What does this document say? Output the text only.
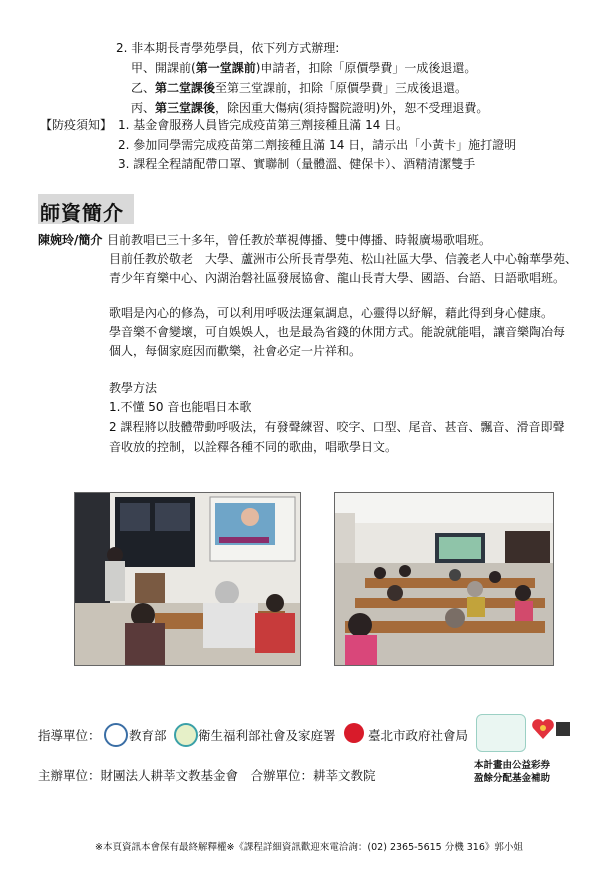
2. 非本期長青學苑學員，依下列方式辦理:
甲、開課前(第一堂課前)申請者，扣除「原價學費」一成後退還。
乙、第二堂課後至第三堂課前，扣除「原價學費」三成後退還。
丙、第三堂課後，除因重大傷病(須持醫院證明)外，恕不受理退費。
【防疫須知】 1. 基金會服務人員皆完成疫苗第三劑接種且滿 14 日。
2. 參加同學需完成疫苗第二劑接種且滿 14 日，請示出「小黃卡」施打證明
3. 課程全程請配帶口罩、實聯制（量體溫、健保卡）、酒精清潔雙手
師資簡介
陳婉玲/簡介 目前教唱已三十多年，曾任教於華視傳播、雙中傳播、時報廣場歌唱班。
目前任教於敬老　大學、蘆洲市公所長青學苑、松山社區大學、信義老人中心翰華學苑、
青少年育樂中心、內湖治磐社區發展協會、龍山長青大學、國語、台語、日語歌唱班。
歌唱是內心的修為，可以利用呼吸法運氣調息，心靈得以紓解，藉此得到身心健康。
學音樂不會變壞，可自娛娛人，也是最為省錢的休閒方式。能說就能唱，讓音樂陶冶每
個人，每個家庭因而歡樂，社會必定一片祥和。
教學方法
1.不懂 50 音也能唱日本歌
2 課程將以肢體帶動呼吸法，有發聲練習、咬字、口型、尾音、甚音、飄音、滑音即聲
音收放的控制，以詮釋各種不同的歌曲，唱歌學日文。
指導單位： 教育部	衛生福利部社會及家庭署	臺北市政府社會局
主辦單位：財團法人耕莘文教基金會　合辦單位：耕莘文教院
本計畫由公益彩券
盈餘分配基金補助
※本頁資訊本會保有最終解釋權※《課程詳細資訊歡迎來電洽詢：(02) 2365-5615 分機 316》郭小姐
